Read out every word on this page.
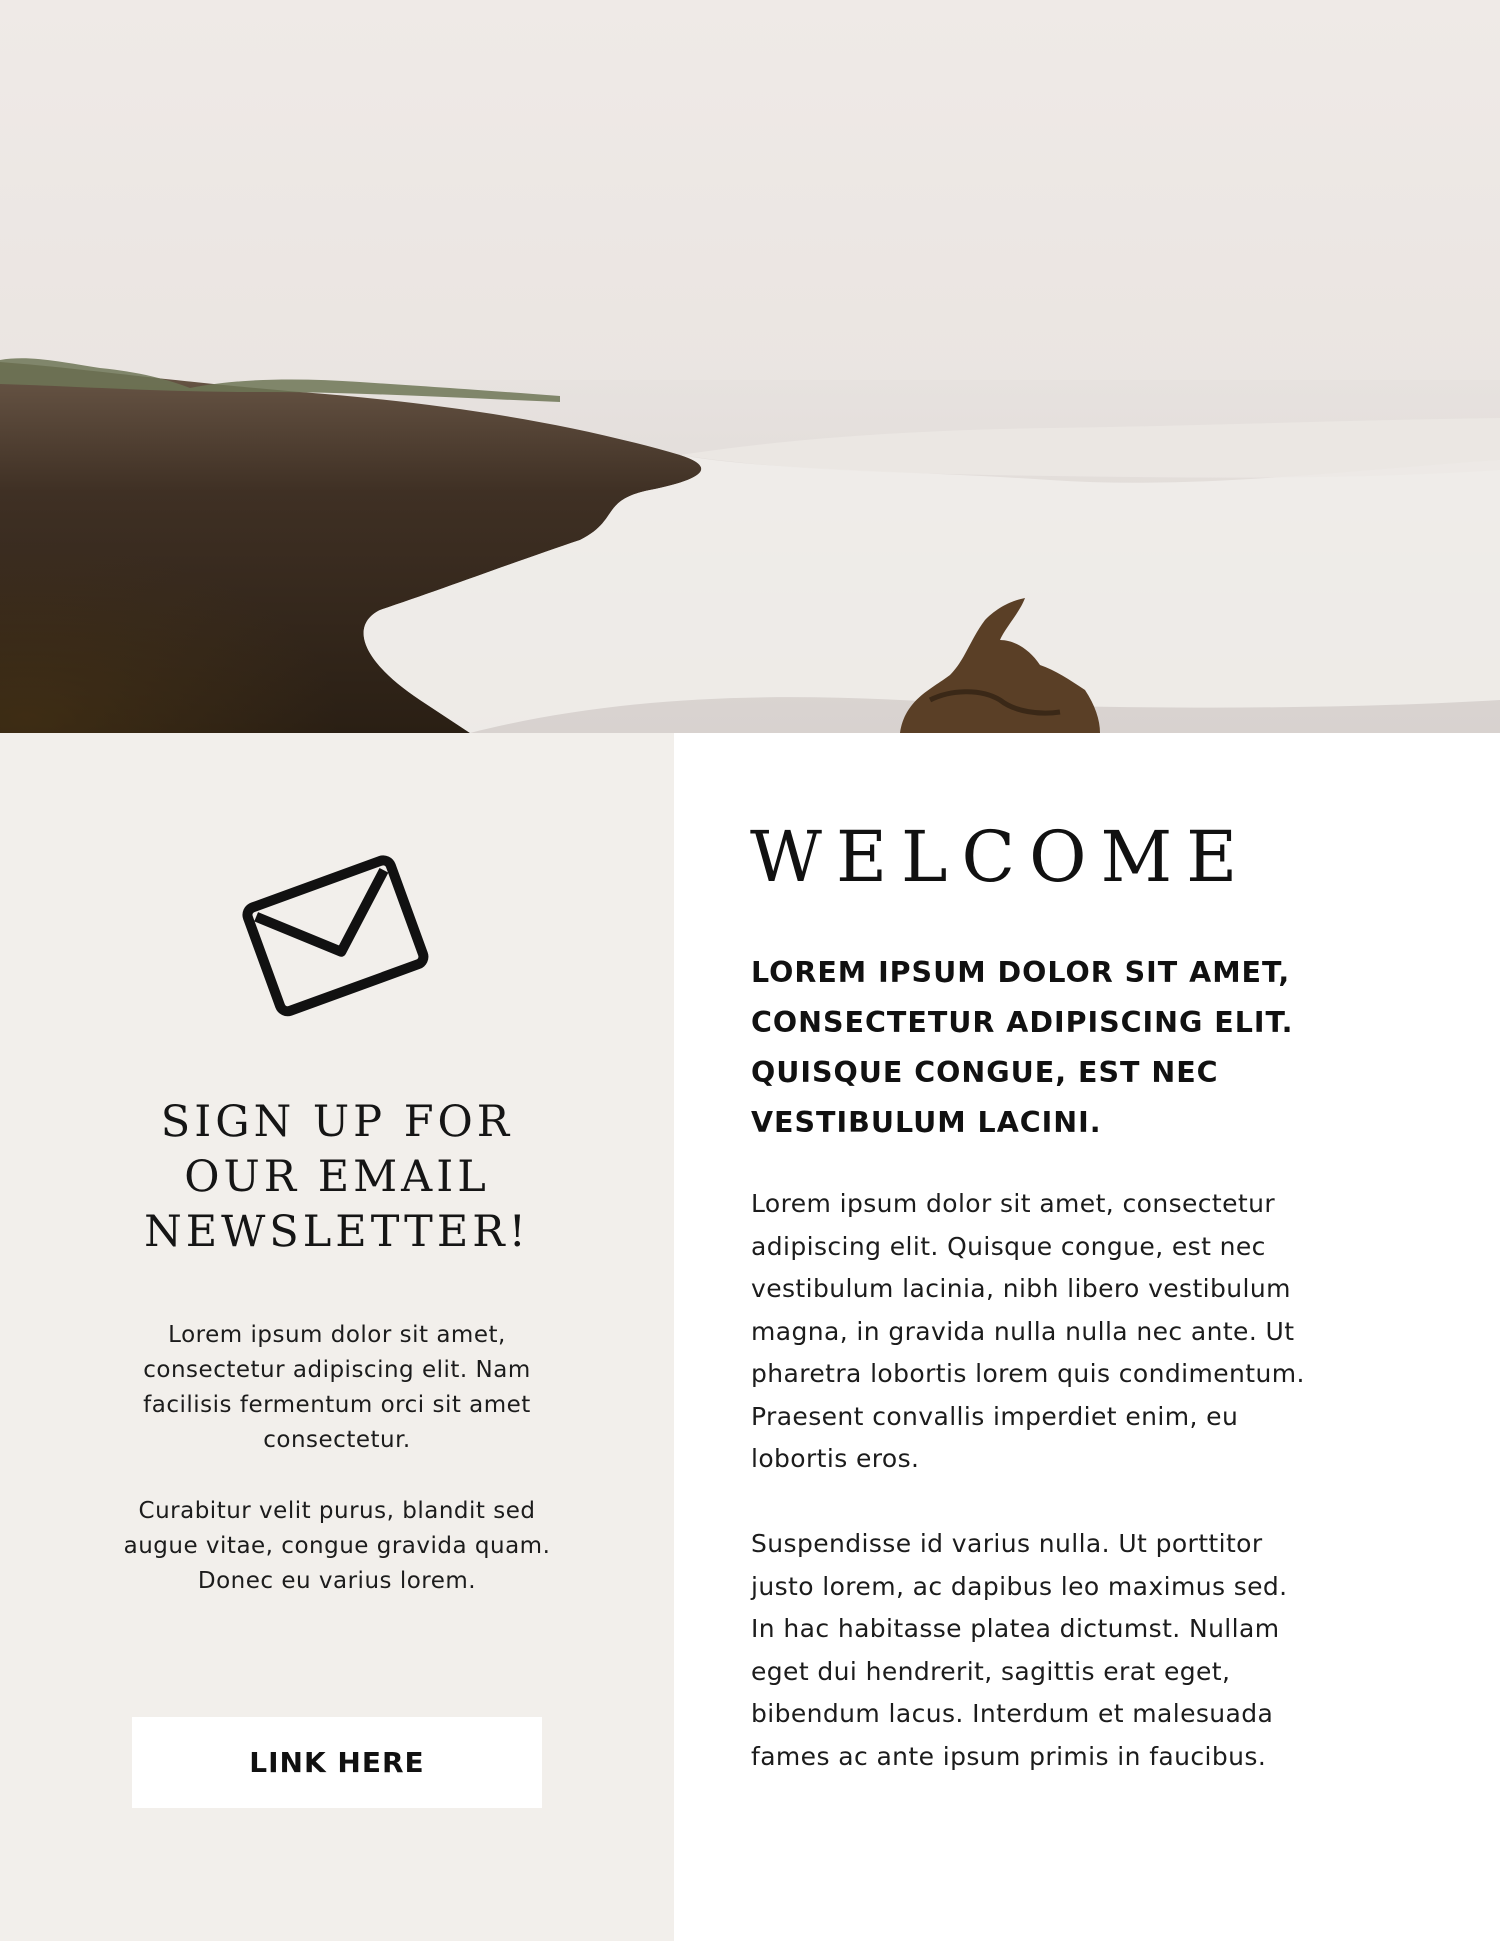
SIGN UP FOR
OUR EMAIL
NEWSLETTER!

Lorem ipsum dolor sit amet,
consectetur adipiscing elit. Nam
facilisis fermentum orci sit amet
consectetur.

Curabitur velit purus, blandit sed
augue vitae, congue gravida quam.
Donec eu varius lorem.

LINK HERE
WELCOME

LOREM IPSUM DOLOR SIT AMET,
CONSECTETUR ADIPISCING ELIT.
QUISQUE CONGUE, EST NEC
VESTIBULUM LACINI.

Lorem ipsum dolor sit amet, consectetur
adipiscing elit. Quisque congue, est nec
vestibulum lacinia, nibh libero vestibulum
magna, in gravida nulla nulla nec ante. Ut
pharetra lobortis lorem quis condimentum.
Praesent convallis imperdiet enim, eu
lobortis eros.

Suspendisse id varius nulla. Ut porttitor
justo lorem, ac dapibus leo maximus sed.
In hac habitasse platea dictumst. Nullam
eget dui hendrerit, sagittis erat eget,
bibendum lacus. Interdum et malesuada
fames ac ante ipsum primis in faucibus.
